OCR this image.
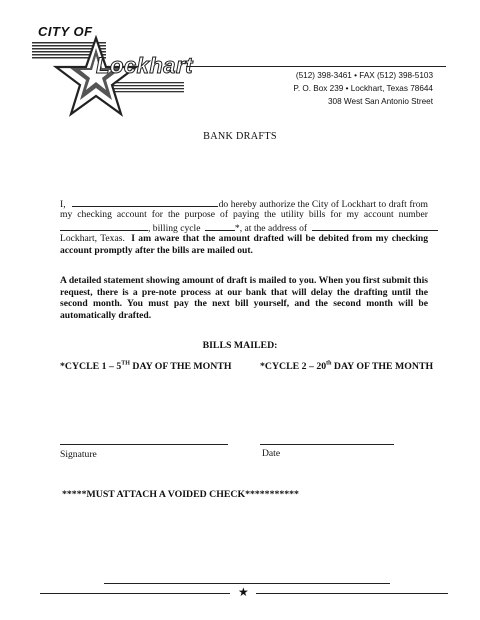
CITY OF
Lockhart	(512) 398-3461 • FAX (512) 398-5103
P. O. Box 239 • Lockhart, Texas 78644
308 West San Antonio Street
BANK DRAFTS
I,	do hereby authorize the City of Lockhart to draft from
my checking account for the purpose of paying the utility bills for my account number
, billing cycle	*, at the address of
Lockhart, Texas. I am aware that the amount drafted will be debited from my checking account promptly after the bills are mailed out.
A detailed statement showing amount of draft is mailed to you. When you first submit this request, there is a pre-note process at our bank that will delay the drafting until the second month. You must pay the next bill yourself, and the second month will be automatically drafted.
BILLS MAILED:
*CYCLE 1 – 5TH DAY OF THE MONTH	*CYCLE 2 – 20th DAY OF THE MONTH
Signature	Date
*****MUST ATTACH A VOIDED CHECK***********
★
